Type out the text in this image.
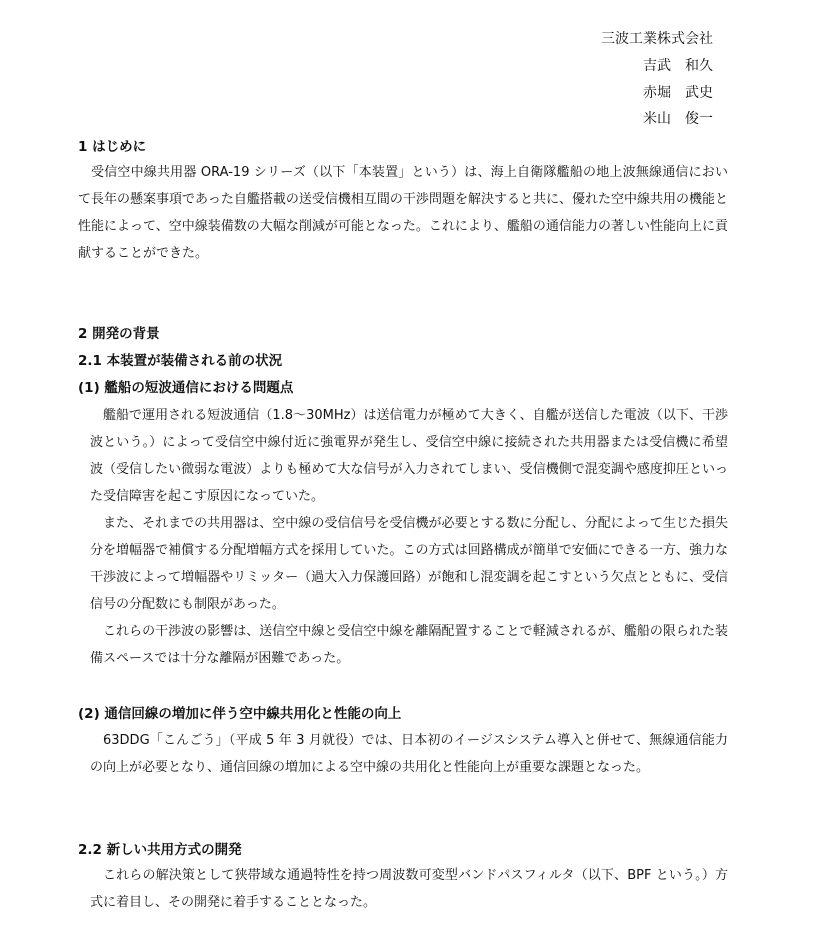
三波工業株式会社
吉武　和久
赤堀　武史
米山　俊一
1 はじめに

受信空中線共用器 ORA-19 シリーズ（以下「本装置」という）は、海上自衛隊艦船の地上波無線通信において長年の懸案事項であった自艦搭載の送受信機相互間の干渉問題を解決すると共に、優れた空中線共用の機能と性能によって、空中線装備数の大幅な削減が可能となった。これにより、艦船の通信能力の著しい性能向上に貢献することができた。

2 開発の背景
2.1 本装置が装備される前の状況
(1) 艦船の短波通信における問題点

艦船で運用される短波通信（1.8～30MHz）は送信電力が極めて大きく、自艦が送信した電波（以下、干渉波という。）によって受信空中線付近に強電界が発生し、受信空中線に接続された共用器または受信機に希望波（受信したい微弱な電波）よりも極めて大な信号が入力されてしまい、受信機側で混変調や感度抑圧といった受信障害を起こす原因になっていた。

また、それまでの共用器は、空中線の受信信号を受信機が必要とする数に分配し、分配によって生じた損失分を増幅器で補償する分配増幅方式を採用していた。この方式は回路構成が簡単で安価にできる一方、強力な干渉波によって増幅器やリミッター（過大入力保護回路）が飽和し混変調を起こすという欠点とともに、受信信号の分配数にも制限があった。

これらの干渉波の影響は、送信空中線と受信空中線を離隔配置することで軽減されるが、艦船の限られた装備スペースでは十分な離隔が困難であった。

(2) 通信回線の増加に伴う空中線共用化と性能の向上

63DDG「こんごう」（平成 5 年 3 月就役）では、日本初のイージスシステム導入と併せて、無線通信能力の向上が必要となり、通信回線の増加による空中線の共用化と性能向上が重要な課題となった。

2.2 新しい共用方式の開発

これらの解決策として狭帯域な通過特性を持つ周波数可変型バンドパスフィルタ（以下、BPF という。）方式に着目し、その開発に着手することとなった。
